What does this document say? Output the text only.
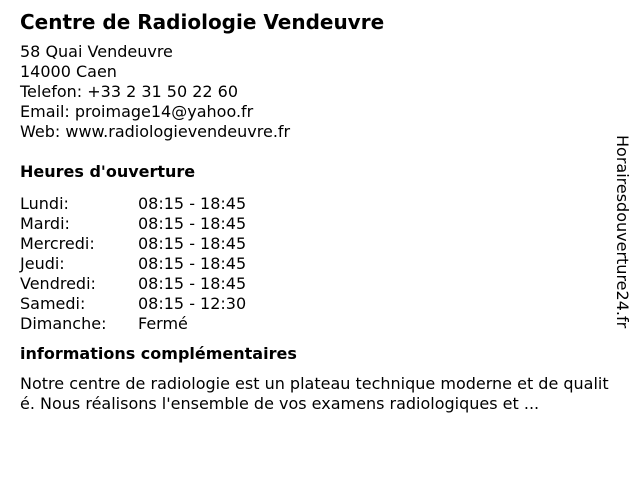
Centre de Radiologie Vendeuvre
58 Quai Vendeuvre
14000 Caen
Telefon: +33 2 31 50 22 60
Email: proimage14@yahoo.fr
Web: www.radiologievendeuvre.fr
Heures d'ouverture
Lundi:	08:15 - 18:45
Mardi:	08:15 - 18:45
Mercredi:	08:15 - 18:45
Jeudi:	08:15 - 18:45
Vendredi:	08:15 - 18:45
Samedi:	08:15 - 12:30
Dimanche:	Fermé
informations complémentaires
Notre centre de radiologie est un plateau technique moderne et de qualité. Nous réalisons l'ensemble de vos examens radiologiques et ...
Horairesdouverture24.fr
